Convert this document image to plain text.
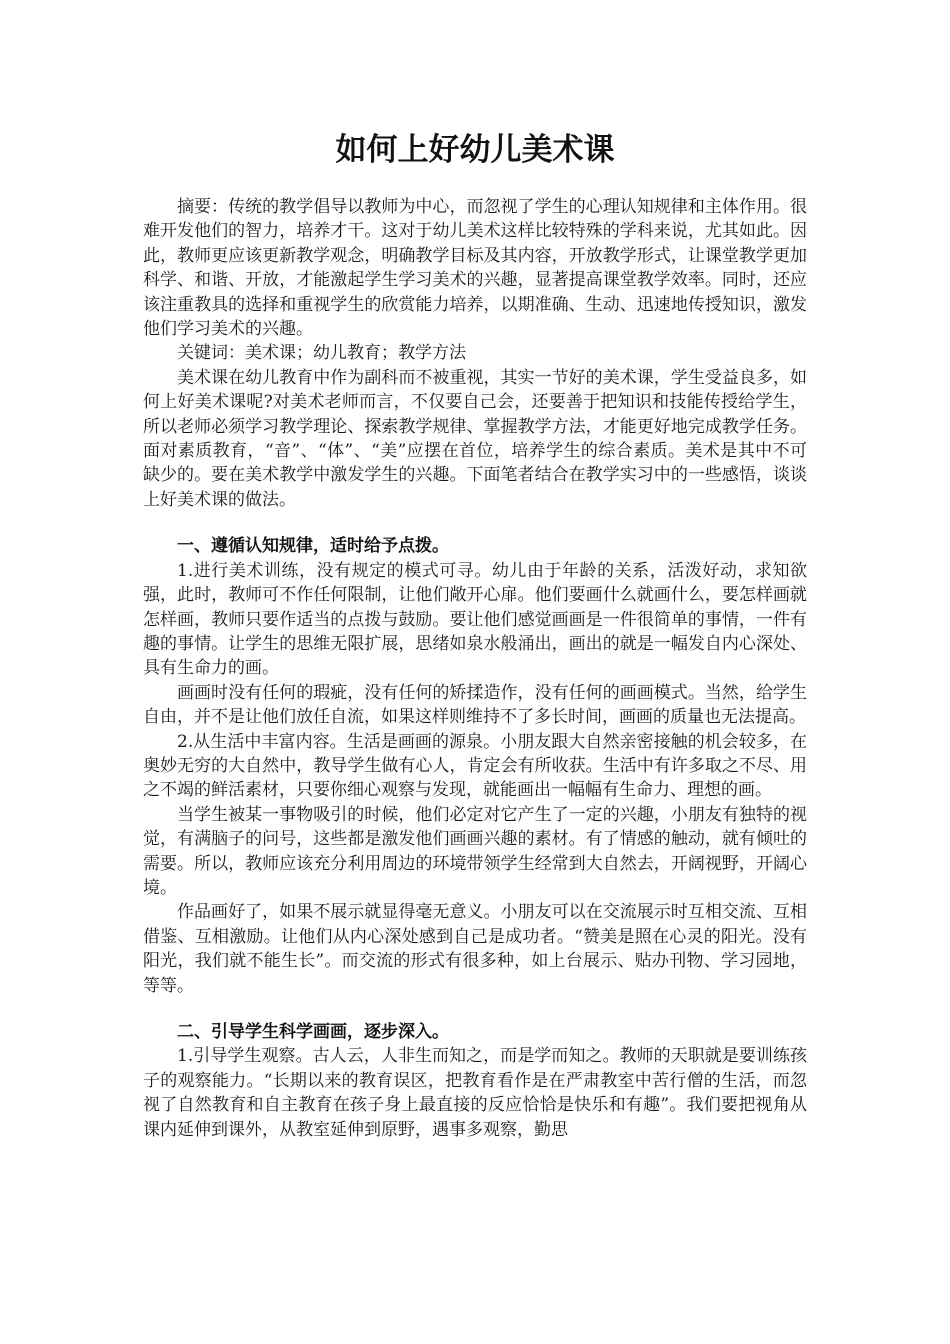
如何上好幼儿美术课

摘要：传统的教学倡导以教师为中心，而忽视了学生的心理认知规律和主体作用。很难开发他们的智力，培养才干。这对于幼儿美术这样比较特殊的学科来说，尤其如此。因此，教师更应该更新教学观念，明确教学目标及其内容，开放教学形式，让课堂教学更加科学、和谐、开放，才能激起学生学习美术的兴趣，显著提高课堂教学效率。同时，还应该注重教具的选择和重视学生的欣赏能力培养，以期准确、生动、迅速地传授知识，激发他们学习美术的兴趣。

关键词：美术课；幼儿教育；教学方法

美术课在幼儿教育中作为副科而不被重视，其实一节好的美术课，学生受益良多，如何上好美术课呢?对美术老师而言，不仅要自己会，还要善于把知识和技能传授给学生，所以老师必须学习教学理论、探索教学规律、掌握教学方法，才能更好地完成教学任务。面对素质教育，“音”、“体”、“美”应摆在首位，培养学生的综合素质。美术是其中不可缺少的。要在美术教学中激发学生的兴趣。下面笔者结合在教学实习中的一些感悟，谈谈上好美术课的做法。

一、遵循认知规律，适时给予点拨。

1.进行美术训练，没有规定的模式可寻。幼儿由于年龄的关系，活泼好动，求知欲强，此时，教师可不作任何限制，让他们敞开心扉。他们要画什么就画什么，要怎样画就怎样画，教师只要作适当的点拨与鼓励。要让他们感觉画画是一件很简单的事情，一件有趣的事情。让学生的思维无限扩展，思绪如泉水般涌出，画出的就是一幅发自内心深处、具有生命力的画。

画画时没有任何的瑕疵，没有任何的矫揉造作，没有任何的画画模式。当然，给学生自由，并不是让他们放任自流，如果这样则维持不了多长时间，画画的质量也无法提高。

2.从生活中丰富内容。生活是画画的源泉。小朋友跟大自然亲密接触的机会较多，在奥妙无穷的大自然中，教导学生做有心人，肯定会有所收获。生活中有许多取之不尽、用之不竭的鲜活素材，只要你细心观察与发现，就能画出一幅幅有生命力、理想的画。

当学生被某一事物吸引的时候，他们必定对它产生了一定的兴趣，小朋友有独特的视觉，有满脑子的问号，这些都是激发他们画画兴趣的素材。有了情感的触动，就有倾吐的需要。所以，教师应该充分利用周边的环境带领学生经常到大自然去，开阔视野，开阔心境。

作品画好了，如果不展示就显得毫无意义。小朋友可以在交流展示时互相交流、互相借鉴、互相激励。让他们从内心深处感到自己是成功者。“赞美是照在心灵的阳光。没有阳光，我们就不能生长”。而交流的形式有很多种，如上台展示、贴办刊物、学习园地，等等。

二、引导学生科学画画，逐步深入。

1.引导学生观察。古人云，人非生而知之，而是学而知之。教师的天职就是要训练孩子的观察能力。“长期以来的教育误区，把教育看作是在严肃教室中苦行僧的生活，而忽视了自然教育和自主教育在孩子身上最直接的反应恰恰是快乐和有趣”。我们要把视角从课内延伸到课外，从教室延伸到原野，遇事多观察，勤思
